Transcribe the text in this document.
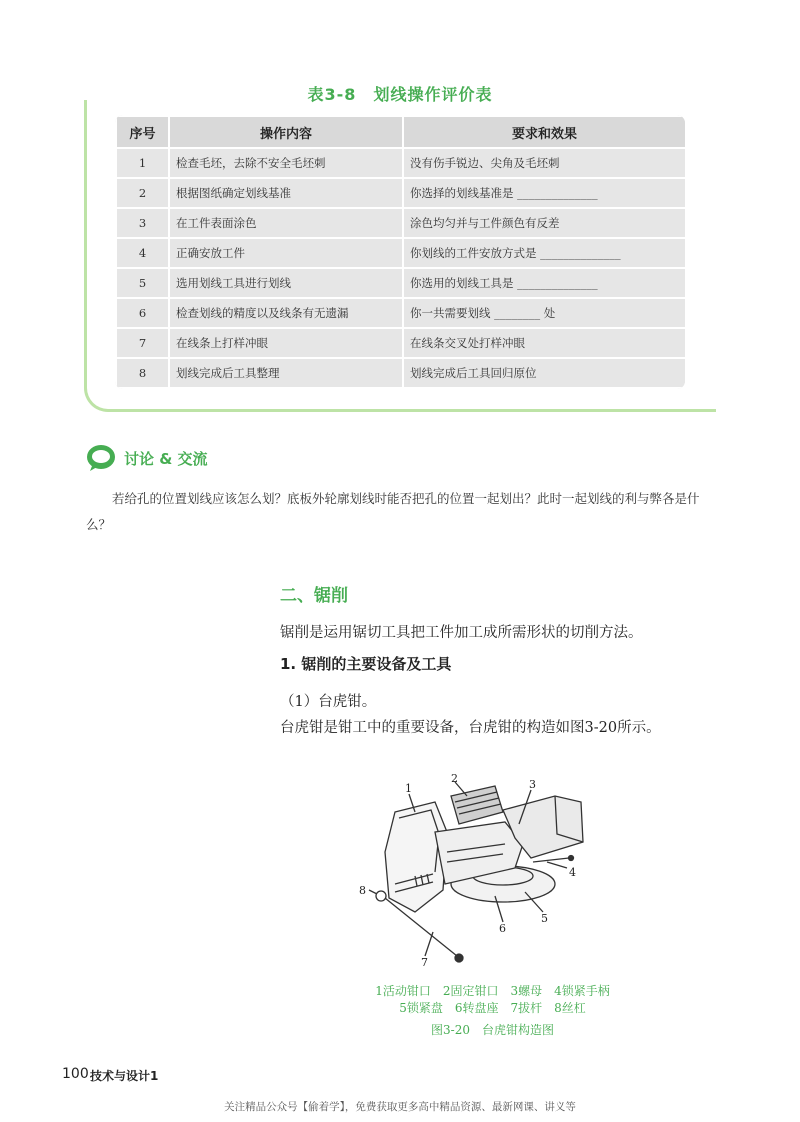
表3-8　划线操作评价表
序号	操作内容	要求和效果
1	检查毛坯，去除不安全毛坯刺	没有伤手锐边、尖角及毛坯刺
2	根据图纸确定划线基准	你选择的划线基准是 ______________
3	在工件表面涂色	涂色均匀并与工件颜色有反差
4	正确安放工件	你划线的工件安放方式是 ______________
5	选用划线工具进行划线	你选用的划线工具是 ______________
6	检查划线的精度以及线条有无遗漏	你一共需要划线 ________ 处
7	在线条上打样冲眼	在线条交叉处打样冲眼
8	划线完成后工具整理	划线完成后工具回归原位
讨论 & 交流
若给孔的位置划线应该怎么划？底板外轮廓划线时能否把孔的位置一起划出？此时一起划线的利与弊各是什么？
二、锯削
锯削是运用锯切工具把工件加工成所需形状的切削方法。
1. 锯削的主要设备及工具
（1）台虎钳。
台虎钳是钳工中的重要设备，台虎钳的构造如图3-20所示。
1
2	3
4
5
6
7
8
1活动钳口　2固定钳口　3螺母　4锁紧手柄
5锁紧盘　6转盘座　7拔杆　8丝杠
图3-20　台虎钳构造图
100 技术与设计1
关注精品公众号【偷着学】，免费获取更多高中精品资源、最新网课、讲义等
